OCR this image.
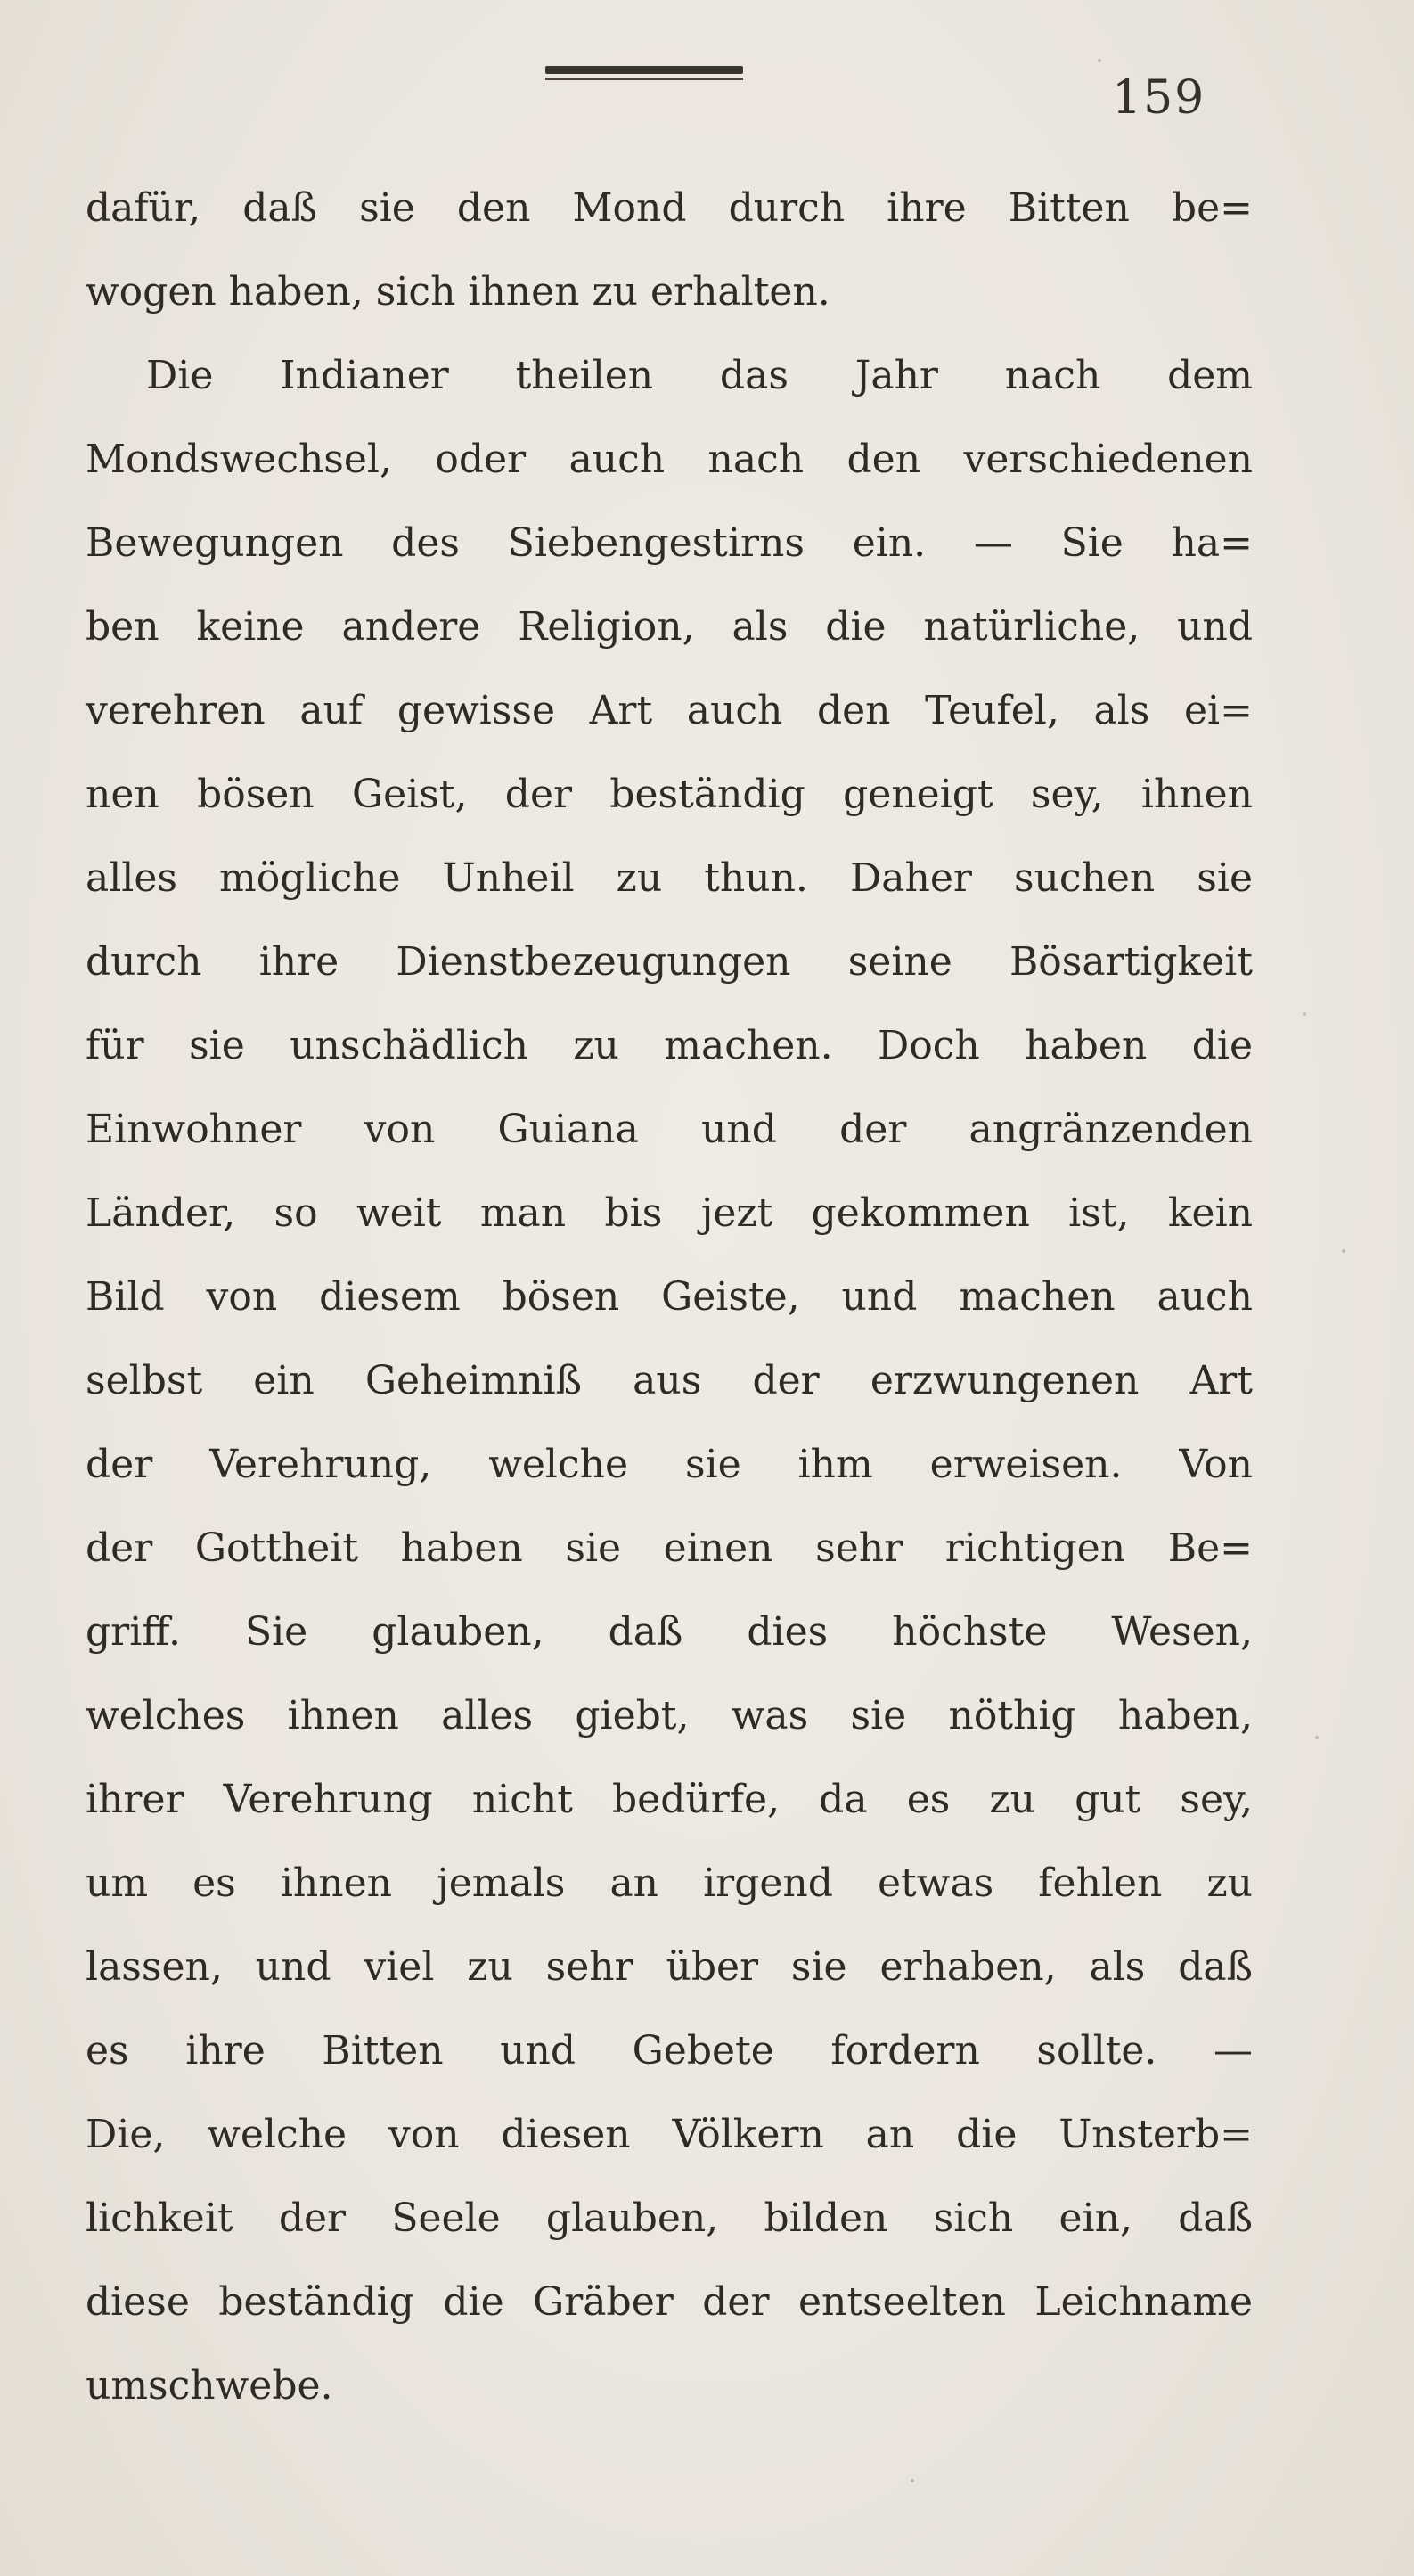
159
dafür, daß sie den Mond durch ihre Bitten be=
wogen haben, sich ihnen zu erhalten.
Die Indianer theilen das Jahr nach dem
Mondswechsel, oder auch nach den verschiedenen
Bewegungen des Siebengestirns ein. — Sie ha=
ben keine andere Religion, als die natürliche, und
verehren auf gewisse Art auch den Teufel, als ei=
nen bösen Geist, der beständig geneigt sey, ihnen
alles mögliche Unheil zu thun. Daher suchen sie
durch ihre Dienstbezeugungen seine Bösartigkeit
für sie unschädlich zu machen. Doch haben die
Einwohner von Guiana und der angränzenden
Länder, so weit man bis jezt gekommen ist, kein
Bild von diesem bösen Geiste, und machen auch
selbst ein Geheimniß aus der erzwungenen Art
der Verehrung, welche sie ihm erweisen. Von
der Gottheit haben sie einen sehr richtigen Be=
griff. Sie glauben, daß dies höchste Wesen,
welches ihnen alles giebt, was sie nöthig haben,
ihrer Verehrung nicht bedürfe, da es zu gut sey,
um es ihnen jemals an irgend etwas fehlen zu
lassen, und viel zu sehr über sie erhaben, als daß
es ihre Bitten und Gebete fordern sollte. —
Die, welche von diesen Völkern an die Unsterb=
lichkeit der Seele glauben, bilden sich ein, daß
diese beständig die Gräber der entseelten Leichname
umschwebe.
